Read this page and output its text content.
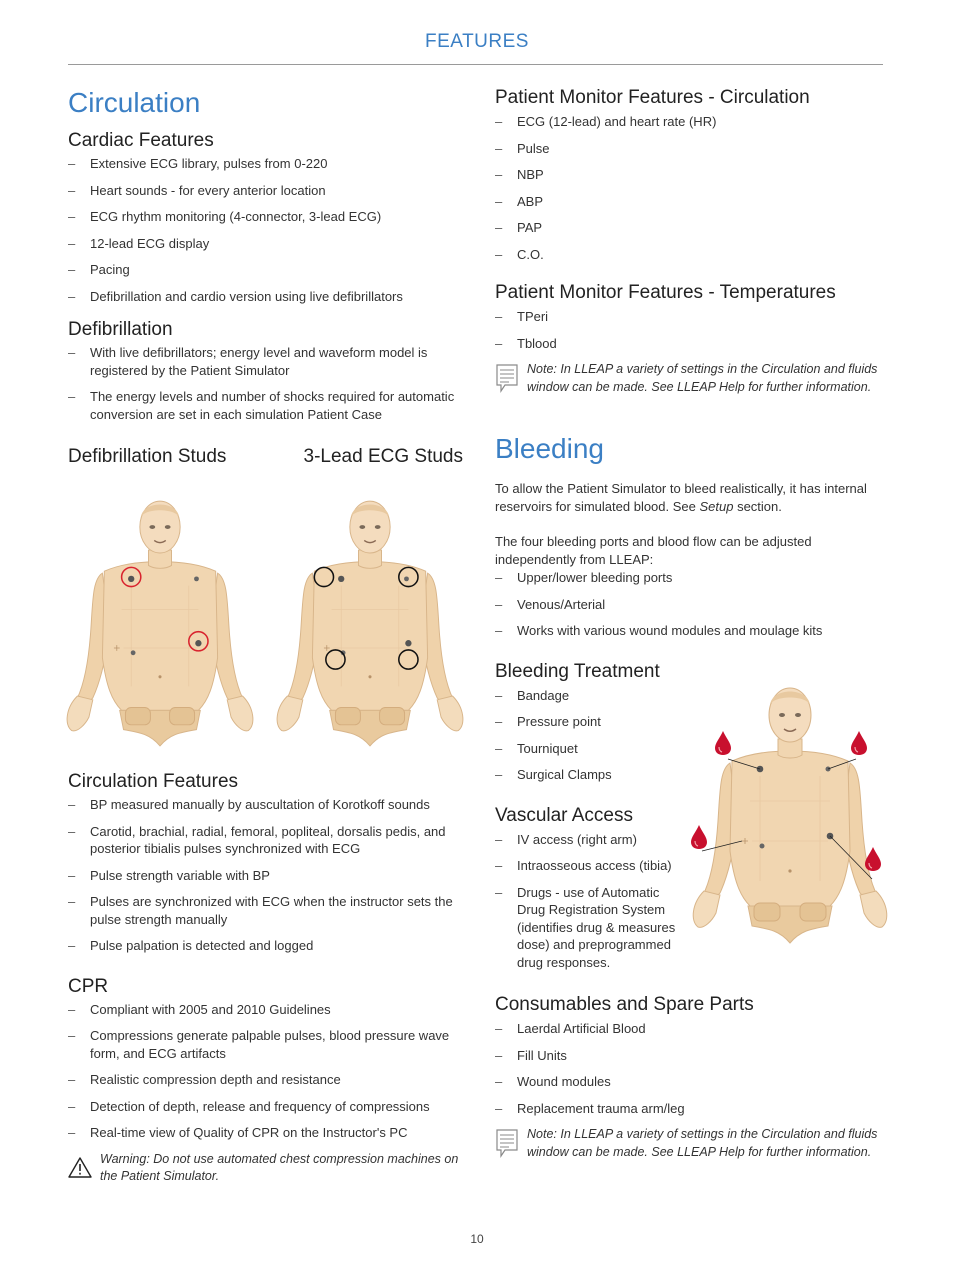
FEATURES
Circulation
Cardiac Features
– Extensive ECG library, pulses from 0-220
– Heart sounds - for every anterior location
– ECG rhythm monitoring (4-connector, 3-lead ECG)
– 12-lead ECG display
– Pacing
– Defibrillation and cardio version using live defibrillators
Defibrillation
– With live defibrillators; energy level and waveform model is registered by the Patient Simulator
– The energy levels and number of shocks required for automatic conversion are set in each simulation Patient Case
Defibrillation Studs	3-Lead ECG Studs
Circulation Features
– BP measured manually by auscultation of Korotkoff sounds
– Carotid, brachial, radial, femoral, popliteal, dorsalis pedis, and posterior tibialis pulses synchronized with ECG
– Pulse strength variable with BP
– Pulses are synchronized with ECG when the instructor sets the pulse strength manually
– Pulse palpation is detected and logged
CPR
– Compliant with 2005 and 2010 Guidelines
– Compressions generate palpable pulses, blood pressure wave form, and ECG artifacts
– Realistic compression depth and resistance
– Detection of depth, release and frequency of compressions
– Real-time view of Quality of CPR on the Instructor's PC
Warning: Do not use automated chest compression machines on the Patient Simulator.
Patient Monitor Features - Circulation
– ECG (12-lead) and heart rate (HR)
– Pulse
– NBP
– ABP
– PAP
– C.O.
Patient Monitor Features - Temperatures
– TPeri
– Tblood
Note: In LLEAP a variety of settings in the Circulation and fluids window can be made. See LLEAP Help for further information.
Bleeding

To allow the Patient Simulator to bleed realistically, it has internal reservoirs for simulated blood. See Setup section.

The four bleeding ports and blood flow can be adjusted independently from LLEAP:

– Upper/lower bleeding ports
– Venous/Arterial
– Works with various wound modules and moulage kits
Bleeding Treatment
– Bandage
– Pressure point
– Tourniquet
– Surgical Clamps
Vascular Access
– IV access (right arm)
– Intraosseous access (tibia)
– Drugs - use of Automatic Drug Registration System (identifies drug & measures dose) and preprogrammed drug responses.
Consumables and Spare Parts
– Laerdal Artificial Blood
– Fill Units
– Wound modules
– Replacement trauma arm/leg
Note: In LLEAP a variety of settings in the Circulation and fluids window can be made. See LLEAP Help for further information.
10
